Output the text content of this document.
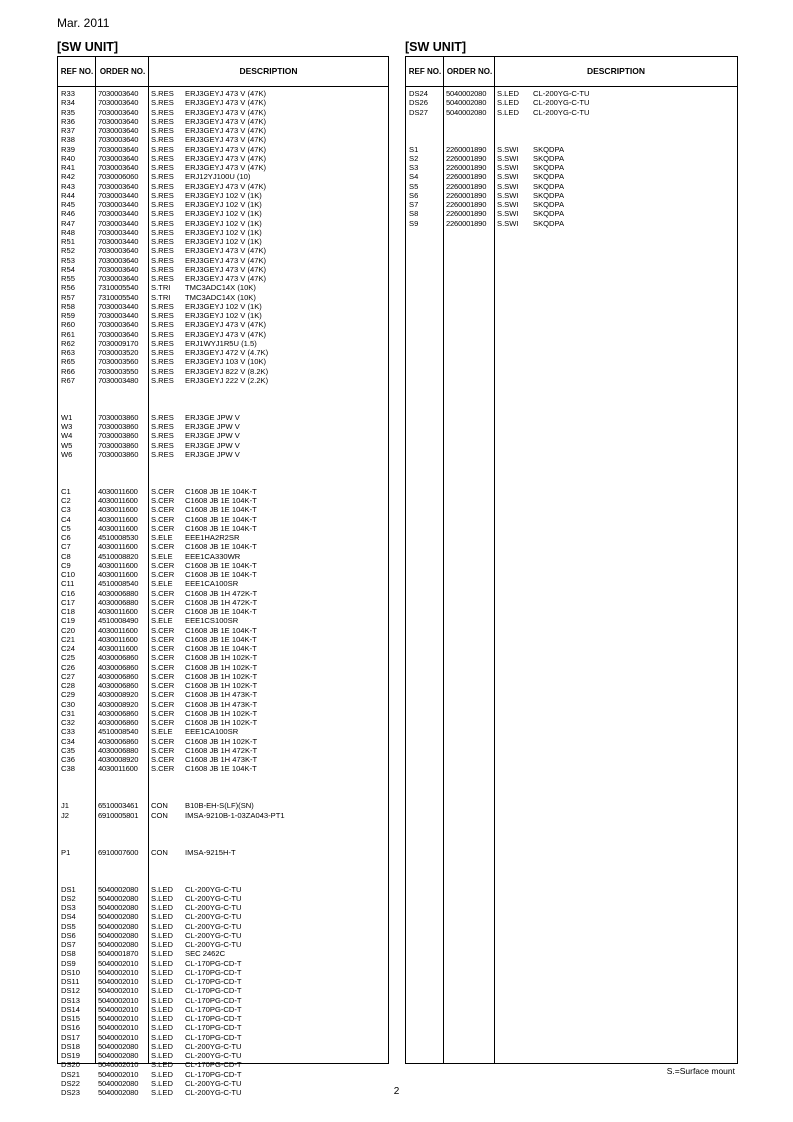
Mar. 2011
[SW UNIT]	[SW UNIT]
REF NO. ORDER NO.	DESCRIPTION
R33	7030003640 S.RES ERJ3GEYJ 473 V (47K)
R34	7030003640 S.RES ERJ3GEYJ 473 V (47K)
R35	7030003640 S.RES ERJ3GEYJ 473 V (47K)
R36	7030003640 S.RES ERJ3GEYJ 473 V (47K)
R37	7030003640 S.RES ERJ3GEYJ 473 V (47K)
R38	7030003640 S.RES ERJ3GEYJ 473 V (47K)
R39	7030003640 S.RES ERJ3GEYJ 473 V (47K)
R40	7030003640 S.RES ERJ3GEYJ 473 V (47K)
R41	7030003640 S.RES ERJ3GEYJ 473 V (47K)
R42	7030006060 S.RES ERJ12YJ100U (10)
R43	7030003640 S.RES ERJ3GEYJ 473 V (47K)
R44	7030003440 S.RES ERJ3GEYJ 102 V (1K)
R45	7030003440 S.RES ERJ3GEYJ 102 V (1K)
R46	7030003440 S.RES ERJ3GEYJ 102 V (1K)
R47	7030003440 S.RES ERJ3GEYJ 102 V (1K)
R48	7030003440 S.RES ERJ3GEYJ 102 V (1K)
R51	7030003440 S.RES ERJ3GEYJ 102 V (1K)
R52	7030003640 S.RES ERJ3GEYJ 473 V (47K)
R53	7030003640 S.RES ERJ3GEYJ 473 V (47K)
R54	7030003640 S.RES ERJ3GEYJ 473 V (47K)
R55	7030003640 S.RES ERJ3GEYJ 473 V (47K)
R56	7310005540 S.TRI TMC3ADC14X (10K)
R57	7310005540 S.TRI TMC3ADC14X (10K)
R58	7030003440 S.RES ERJ3GEYJ 102 V (1K)
R59	7030003440 S.RES ERJ3GEYJ 102 V (1K)
R60	7030003640 S.RES ERJ3GEYJ 473 V (47K)
R61	7030003640 S.RES ERJ3GEYJ 473 V (47K)
R62	7030009170 S.RES ERJ1WYJ1R5U (1.5)
R63	7030003520 S.RES ERJ3GEYJ 472 V (4.7K)
R65	7030003560 S.RES ERJ3GEYJ 103 V (10K)
R66	7030003550 S.RES ERJ3GEYJ 822 V (8.2K)
R67	7030003480 S.RES ERJ3GEYJ 222 V (2.2K)
W1	7030003860 S.RES ERJ3GE JPW V
W3	7030003860 S.RES ERJ3GE JPW V
W4	7030003860 S.RES ERJ3GE JPW V
W5	7030003860 S.RES ERJ3GE JPW V
W6	7030003860 S.RES ERJ3GE JPW V
C1	4030011600 S.CER C1608 JB 1E 104K-T
C2	4030011600 S.CER C1608 JB 1E 104K-T
C3	4030011600 S.CER C1608 JB 1E 104K-T
C4	4030011600 S.CER C1608 JB 1E 104K-T
C5	4030011600 S.CER C1608 JB 1E 104K-T
C6	4510008530 S.ELE EEE1HA2R2SR
C7	4030011600 S.CER C1608 JB 1E 104K-T
C8	4510008820 S.ELE EEE1CA330WR
C9	4030011600 S.CER C1608 JB 1E 104K-T
C10	4030011600 S.CER C1608 JB 1E 104K-T
C11	4510008540 S.ELE EEE1CA100SR
C16	4030006880 S.CER C1608 JB 1H 472K-T
C17	4030006880 S.CER C1608 JB 1H 472K-T
C18	4030011600 S.CER C1608 JB 1E 104K-T
C19	4510008490 S.ELE EEE1CS100SR
C20	4030011600 S.CER C1608 JB 1E 104K-T
C21	4030011600 S.CER C1608 JB 1E 104K-T
C24	4030011600 S.CER C1608 JB 1E 104K-T
C25	4030006860 S.CER C1608 JB 1H 102K-T
C26	4030006860 S.CER C1608 JB 1H 102K-T
C27	4030006860 S.CER C1608 JB 1H 102K-T
C28	4030006860 S.CER C1608 JB 1H 102K-T
C29	4030008920 S.CER C1608 JB 1H 473K-T
C30	4030008920 S.CER C1608 JB 1H 473K-T
C31	4030006860 S.CER C1608 JB 1H 102K-T
C32	4030006860 S.CER C1608 JB 1H 102K-T
C33	4510008540 S.ELE EEE1CA100SR
C34	4030006860 S.CER C1608 JB 1H 102K-T
C35	4030006880 S.CER C1608 JB 1H 472K-T
C36	4030008920 S.CER C1608 JB 1H 473K-T
C38	4030011600 S.CER C1608 JB 1E 104K-T
J1	6510003461 CON B10B-EH-S(LF)(SN)
J2	6910005801 CON IMSA-9210B-1-03ZA043-PT1
P1	6910007600 CON IMSA-9215H-T
DS1	5040002080 S.LED CL-200YG-C-TU
DS2	5040002080 S.LED CL-200YG-C-TU
DS3	5040002080 S.LED CL-200YG-C-TU
DS4	5040002080 S.LED CL-200YG-C-TU
DS5	5040002080 S.LED CL-200YG-C-TU
DS6	5040002080 S.LED CL-200YG-C-TU
DS7	5040002080 S.LED CL-200YG-C-TU
DS8	5040001870 S.LED SEC 2462C
DS9	5040002010 S.LED CL-170PG-CD-T
DS10 5040002010 S.LED CL-170PG-CD-T
DS11 5040002010 S.LED CL-170PG-CD-T
DS12 5040002010 S.LED CL-170PG-CD-T
DS13 5040002010 S.LED CL-170PG-CD-T
DS14 5040002010 S.LED CL-170PG-CD-T
DS15 5040002010 S.LED CL-170PG-CD-T
DS16 5040002010 S.LED CL-170PG-CD-T
DS17 5040002010 S.LED CL-170PG-CD-T
DS18 5040002080 S.LED CL-200YG-C-TU
DS19 5040002080 S.LED CL-200YG-C-TU
DS20 5040002010 S.LED CL-170PG-CD-T
DS21 5040002010 S.LED CL-170PG-CD-T
DS22 5040002080 S.LED CL-200YG-C-TU
DS23 5040002080 S.LED CL-200YG-C-TU
REF NO. ORDER NO.	DESCRIPTION
DS24 5040002080 S.LED CL-200YG-C-TU
DS26 5040002080 S.LED CL-200YG-C-TU
DS27 5040002080 S.LED CL-200YG-C-TU
S1	2260001890 S.SWI SKQDPA
S2	2260001890 S.SWI SKQDPA
S3	2260001890 S.SWI SKQDPA
S4	2260001890 S.SWI SKQDPA
S5	2260001890 S.SWI SKQDPA
S6	2260001890 S.SWI SKQDPA
S7	2260001890 S.SWI SKQDPA
S8	2260001890 S.SWI SKQDPA
S9	2260001890 S.SWI SKQDPA
S.=Surface mount
2
